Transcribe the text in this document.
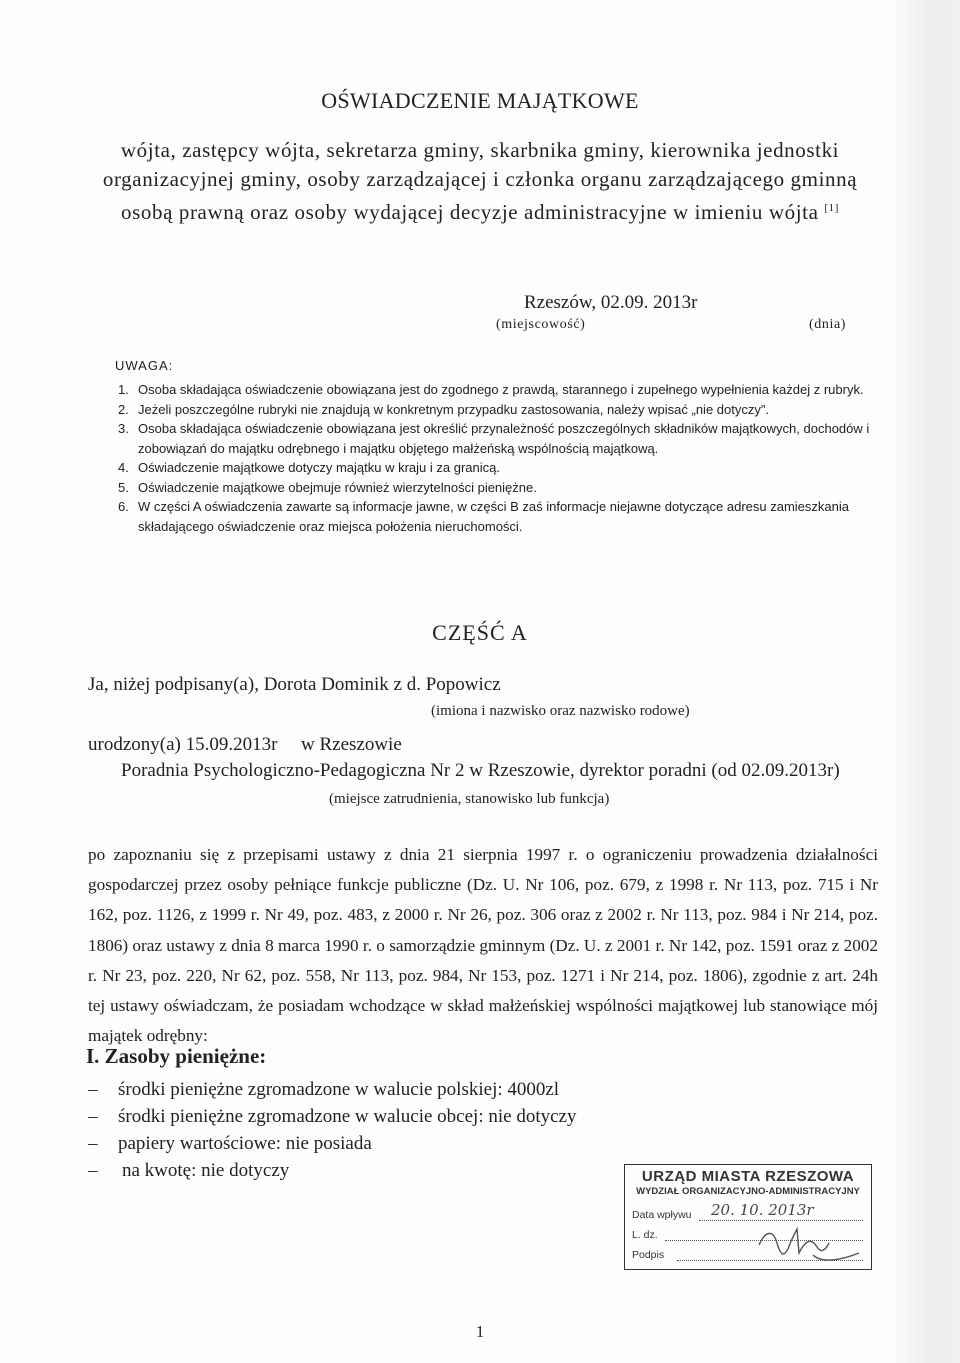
OŚWIADCZENIE MAJĄTKOWE
wójta, zastępcy wójta, sekretarza gminy, skarbnika gminy, kierownika jednostki organizacyjnej gminy, osoby zarządzającej i członka organu zarządzającego gminną osobą prawną oraz osoby wydającej decyzje administracyjne w imieniu wójta [1]
Rzeszów, 02.09. 2013r
(miejscowość)	(dnia)
UWAGA:
1. Osoba składająca oświadczenie obowiązana jest do zgodnego z prawdą, starannego i zupełnego wypełnienia każdej z rubryk.
2. Jeżeli poszczególne rubryki nie znajdują w konkretnym przypadku zastosowania, należy wpisać „nie dotyczy".
3. Osoba składająca oświadczenie obowiązana jest określić przynależność poszczególnych składników majątkowych, dochodów i zobowiązań do majątku odrębnego i majątku objętego małżeńską wspólnością majątkową.
4. Oświadczenie majątkowe dotyczy majątku w kraju i za granicą.
5. Oświadczenie majątkowe obejmuje również wierzytelności pieniężne.
6. W części A oświadczenia zawarte są informacje jawne, w części B zaś informacje niejawne dotyczące adresu zamieszkania składającego oświadczenie oraz miejsca położenia nieruchomości.
CZĘŚĆ A
Ja, niżej podpisany(a), Dorota Dominik z d. Popowicz
(imiona i nazwisko oraz nazwisko rodowe)
urodzony(a) 15.09.2013r w Rzeszowie
Poradnia Psychologiczno-Pedagogiczna Nr 2 w Rzeszowie, dyrektor poradni (od 02.09.2013r)
(miejsce zatrudnienia, stanowisko lub funkcja)

po zapoznaniu się z przepisami ustawy z dnia 21 sierpnia 1997 r. o ograniczeniu prowadzenia działalności gospodarczej przez osoby pełniące funkcje publiczne (Dz. U. Nr 106, poz. 679, z 1998 r. Nr 113, poz. 715 i Nr 162, poz. 1126, z 1999 r. Nr 49, poz. 483, z 2000 r. Nr 26, poz. 306 oraz z 2002 r. Nr 113, poz. 984 i Nr 214, poz. 1806) oraz ustawy z dnia 8 marca 1990 r. o samorządzie gminnym (Dz. U. z 2001 r. Nr 142, poz. 1591 oraz z 2002 r. Nr 23, poz. 220, Nr 62, poz. 558, Nr 113, poz. 984, Nr 153, poz. 1271 i Nr 214, poz. 1806), zgodnie z art. 24h tej ustawy oświadczam, że posiadam wchodzące w skład małżeńskiej wspólności majątkowej lub stanowiące mój majątek odrębny:

I. Zasoby pieniężne:
– środki pieniężne zgromadzone w walucie polskiej: 4000zl
– środki pieniężne zgromadzone w walucie obcej: nie dotyczy
– papiery wartościowe: nie posiada
– na kwotę: nie dotyczy	URZĄD MIASTA RZESZOWA
WYDZIAŁ ORGANIZACYJNO-ADMINISTRACYJNY
Data wpływu 20. 10. 2013r
L. dz.
Podpis
1
